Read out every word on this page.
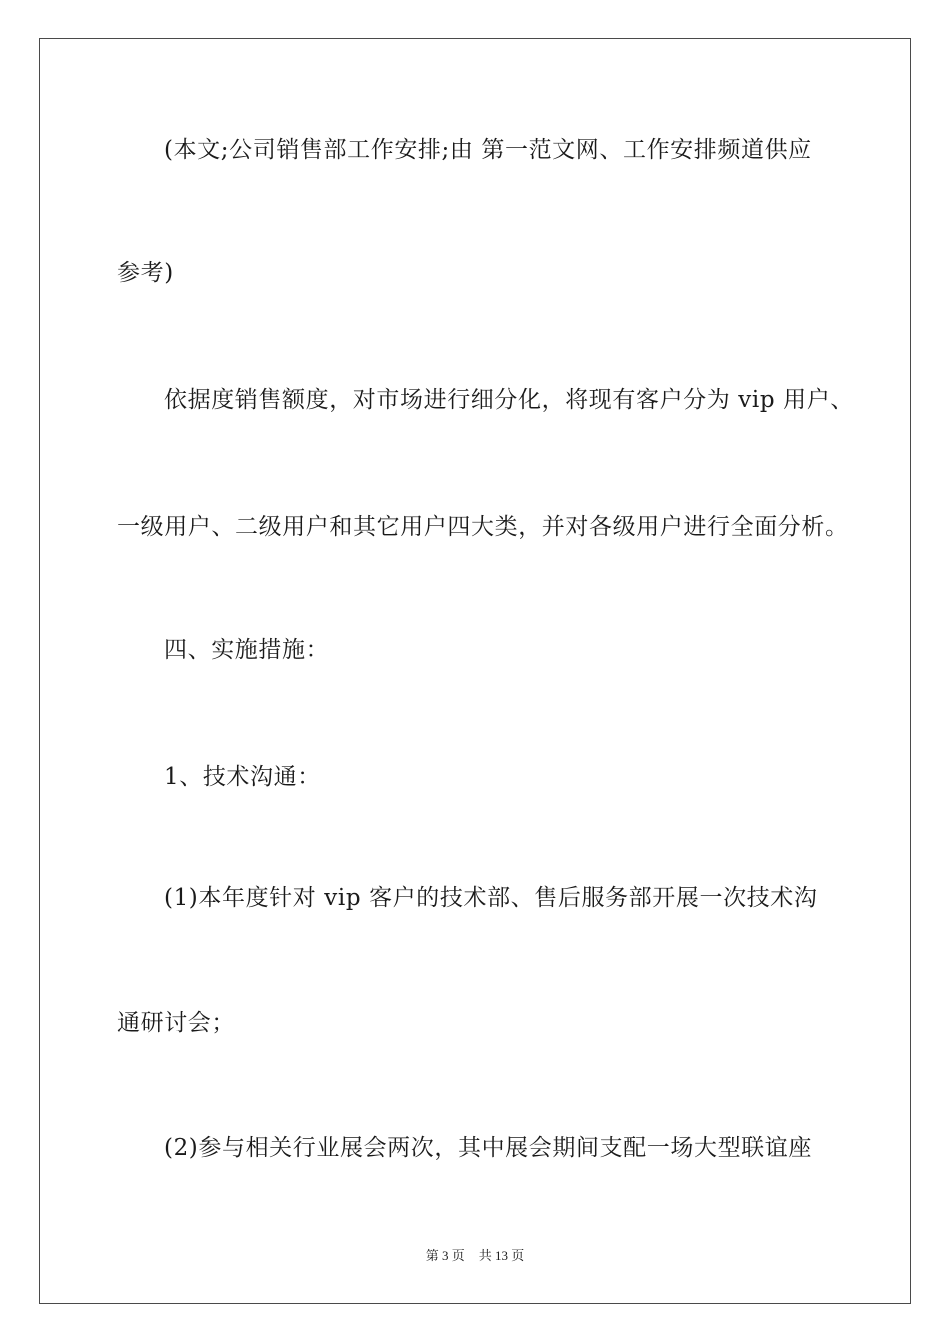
(本文;公司销售部工作安排;由 第一范文网、工作安排频道供应
参考)
依据度销售额度，对市场进行细分化，将现有客户分为 vip 用户、
一级用户、二级用户和其它用户四大类，并对各级用户进行全面分析。
四、实施措施：
1、技术沟通：
(1)本年度针对 vip 客户的技术部、售后服务部开展一次技术沟
通研讨会；
(2)参与相关行业展会两次，其中展会期间支配一场大型联谊座
第 3 页 共 13 页
